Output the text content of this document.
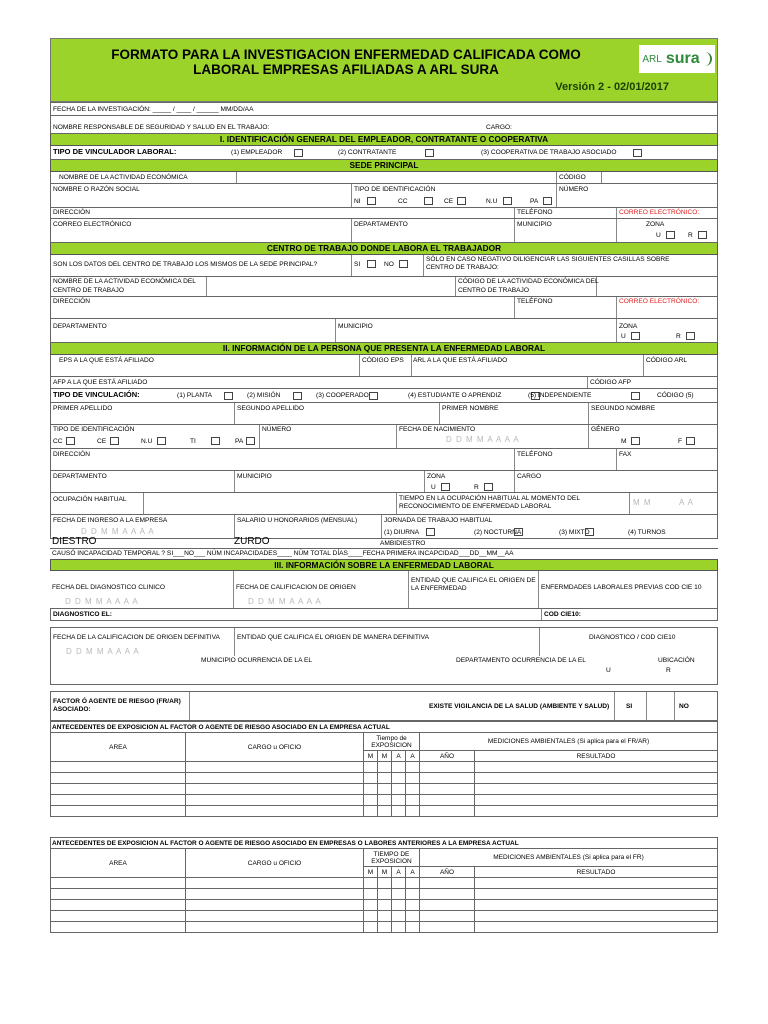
FORMATO PARA LA INVESTIGACION ENFERMEDAD CALIFICADA COMO LABORAL EMPRESAS AFILIADAS A ARL SURA
Versión 2 - 02/01/2017
ARL sura
FECHA DE LA INVESTIGACIÓN: _____ / ____ / ______ MM/DD/AA
NOMBRE RESPONSABLE DE SEGURIDAD Y SALUD EN EL TRABAJO:	CARGO:
I. IDENTIFICACIÓN GENERAL DEL EMPLEADOR, CONTRATANTE O COOPERATIVA
TIPO DE VINCULADOR LABORAL:	(1) EMPLEADOR	(2) CONTRATANTE	(3) COOPERATIVA DE TRABAJO ASOCIADO
SEDE PRINCIPAL
NOMBRE DE LA ACTIVIDAD ECONÓMICA	CÓDIGO
NOMBRE O RAZÓN SOCIAL	TIPO DE IDENTIFICACIÓN	NÚMERO
NI	CC	CE	N.U	PA
DIRECCIÓN	TELÉFONO	CORREO ELECTRÓNICO:
CORREO ELECTRÓNICO	DEPARTAMENTO	MUNICIPIO	ZONA
U	R
CENTRO DE TRABAJO DONDE LABORA EL TRABAJADOR
SON LOS DATOS DEL CENTRO DE TRABAJO LOS MISMOS DE LA SEDE PRINCIPAL?	SI	NO
SÓLO EN CASO NEGATIVO DILIGENCIAR LAS SIGUIENTES CASILLAS SOBRE CENTRO DE TRABAJO:
NOMBRE DE LA ACTIVIDAD ECONÓMICA DEL
CENTRO DE TRABAJO
CÓDIGO DE LA ACTIVIDAD ECONÓMICA DEL
CENTRO DE TRABAJO
DIRECCIÓN	TELÉFONO	CORREO ELECTRÓNICO:
DEPARTAMENTO	MUNICIPIO	ZONA
U	R
II. INFORMACIÓN DE LA PERSONA QUE PRESENTA LA ENFERMEDAD LABORAL
EPS A LA QUE ESTÁ AFILIADO	CÓDIGO EPS ARL A LA QUE ESTÁ AFILIADO	CÓDIGO ARL
AFP A LA QUE ESTÁ AFILIADO	CÓDIGO AFP
TIPO DE VINCULACIÓN:	(1) PLANTA	(2) MISIÓN	(3) COOPERADO	(4) ESTUDIANTE O APRENDIZ	(5) INDEPENDIENTE	CÓDIGO (5)
PRIMER APELLIDO	SEGUNDO APELLIDO	PRIMER NOMBRE	SEGUNDO NOMBRE
TIPO DE IDENTIFICACIÓN	NÚMERO	FECHA DE NACIMIENTO	GÉNERO
CC	CE	N.U	TI	PA	D D M M A A A A	M	F
DIRECCIÓN	TELÉFONO	FAX
DEPARTAMENTO	MUNICIPIO	ZONA	CARGO
U	R
OCUPACIÓN HABITUAL	TIEMPO EN LA OCUPACIÓN HABITUAL AL MOMENTO DEL RECONOCIMIENTO DE ENFERMEDAD LABORAL	M M	A A
FECHA DE INGRESO A LA EMPRESA	SALARIO U HONORARIOS (MENSUAL)	JORNADA DE TRABAJO HABITUAL
D D M M A A A A	(1) DIURNA	(2) NOCTURNA	(3) MIXTO	(4) TURNOS
DIESTRO	ZURDO	AMBIDIESTRO
CAUSÓ INCAPACIDAD TEMPORAL ? SI___NO___ NÚM INCAPACIDADES____ NÚM TOTAL DÍAS____FECHA PRIMERA INCAPCIDAD___DD__MM__AA
III. INFORMACIÓN SOBRE LA ENFERMEDAD LABORAL
FECHA DEL DIAGNOSTICO CLINICO	FECHA DE CALIFICACION DE ORIGEN
ENTIDAD QUE CALIFICA EL ORIGEN DE LA ENFERMEDAD	ENFERMDADES LABORALES PREVIAS COD CIE 10
D D M M A A A A	D D M M A A A A
DIAGNOSTICO EL:	COD CIE10:
FECHA DE LA CALIFICACION DE ORIGEN DEFINITIVA	ENTIDAD QUE CALIFICA EL ORIGEN DE MANERA DEFINITIVA	DIAGNOSTICO / COD CIE10
D D M M A A A A
MUNICIPIO OCURRENCIA DE LA EL	DEPARTAMENTO OCURRENCIA DE LA EL	UBICACIÓN
U	R
FACTOR Ó AGENTE DE RIESGO (FR/AR) ASOCIADO:	EXISTE VIGILANCIA DE LA SALUD (AMBIENTE Y SALUD)	SI	NO
ANTECEDENTES DE EXPOSICION AL FACTOR O AGENTE DE RIESGO ASOCIADO EN LA EMPRESA ACTUAL							
AREA	CARGO u OFICIO	Tiempo de EXPOSICION				MEDICIONES AMBIENTALES (Si aplica para el FR/AR)	
		M	M	A	A	AÑO	RESULTADO

ANTECEDENTES DE EXPOSICION AL FACTOR O AGENTE DE RIESGO ASOCIADO EN EMPRESAS O LABORES ANTERIORES A LA EMPRESA ACTUAL							
AREA	CARGO u OFICIO	TIEMPO DE EXPOSICION				MEDICIONES AMBIENTALES (Si aplica para el FR)	
		M	M	A	A	AÑO	RESULTADO
